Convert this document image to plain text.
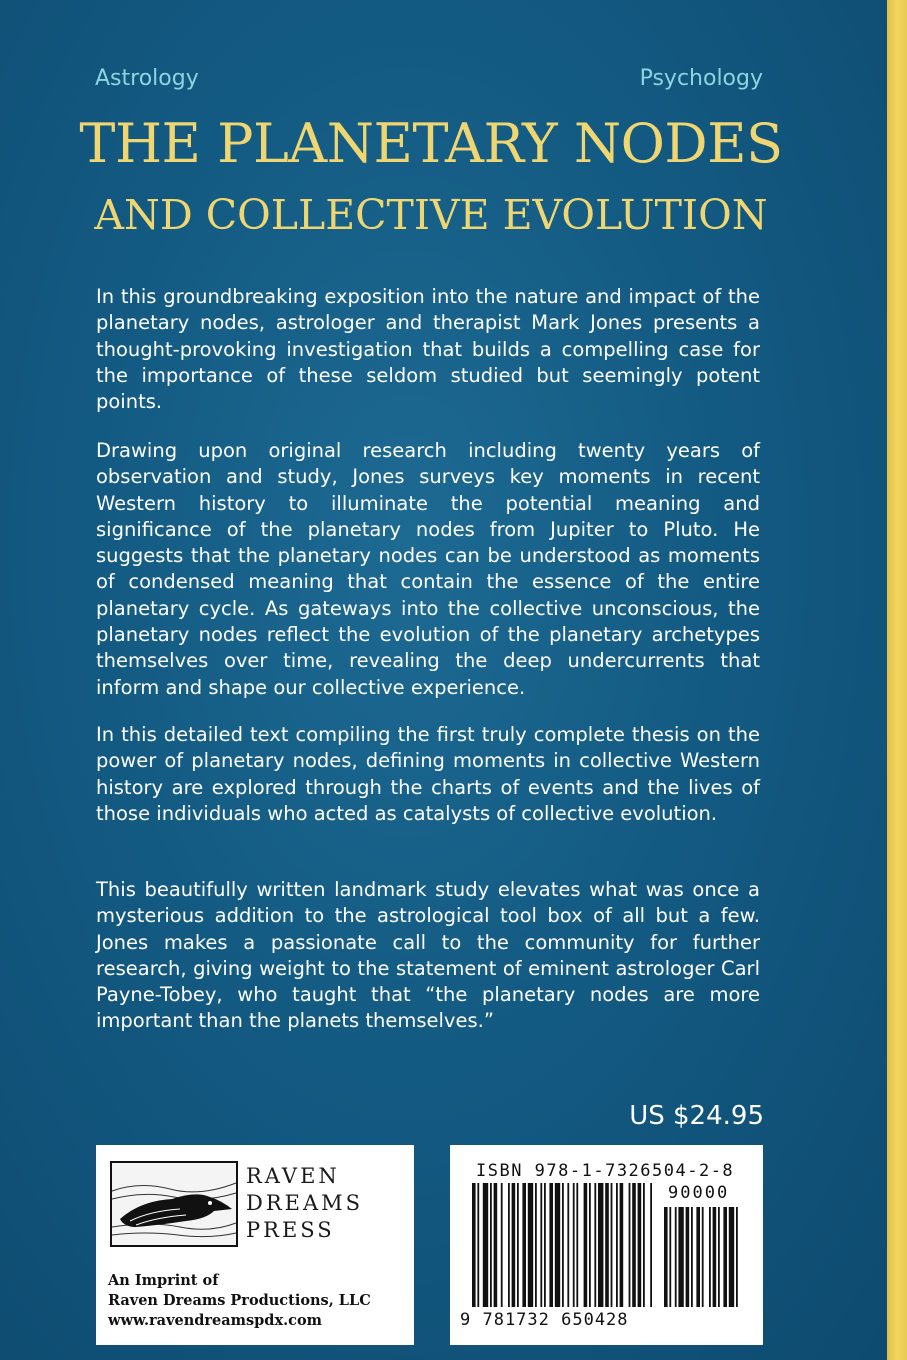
Astrology	Psychology
THE PLANETARY NODES
AND COLLECTIVE EVOLUTION
In this groundbreaking exposition into the nature and impact of the planetary nodes, astrologer and therapist Mark Jones presents a thought-provoking investigation that builds a compelling case for the importance of these seldom studied but seemingly potent points.
Drawing upon original research including twenty years of observation and study, Jones surveys key moments in recent Western history to illuminate the potential meaning and significance of the planetary nodes from Jupiter to Pluto. He suggests that the planetary nodes can be understood as moments of condensed meaning that contain the essence of the entire planetary cycle. As gateways into the collective unconscious, the planetary nodes reflect the evolution of the planetary archetypes themselves over time, revealing the deep undercurrents that inform and shape our collective experience.
In this detailed text compiling the first truly complete thesis on the power of planetary nodes, defining moments in collective Western history are explored through the charts of events and the lives of those individuals who acted as catalysts of collective evolution.
This beautifully written landmark study elevates what was once a mysterious addition to the astrological tool box of all but a few. Jones makes a passionate call to the community for further research, giving weight to the statement of eminent astrologer Carl Payne-Tobey, who taught that “the planetary nodes are more important than the planets themselves.”
US $24.95
RAVEN
DREAMS
PRESS
An Imprint of
Raven Dreams Productions, LLC
www.ravendreamspdx.com
ISBN 978-1-7326504-2-8
90000
9 781732 650428
